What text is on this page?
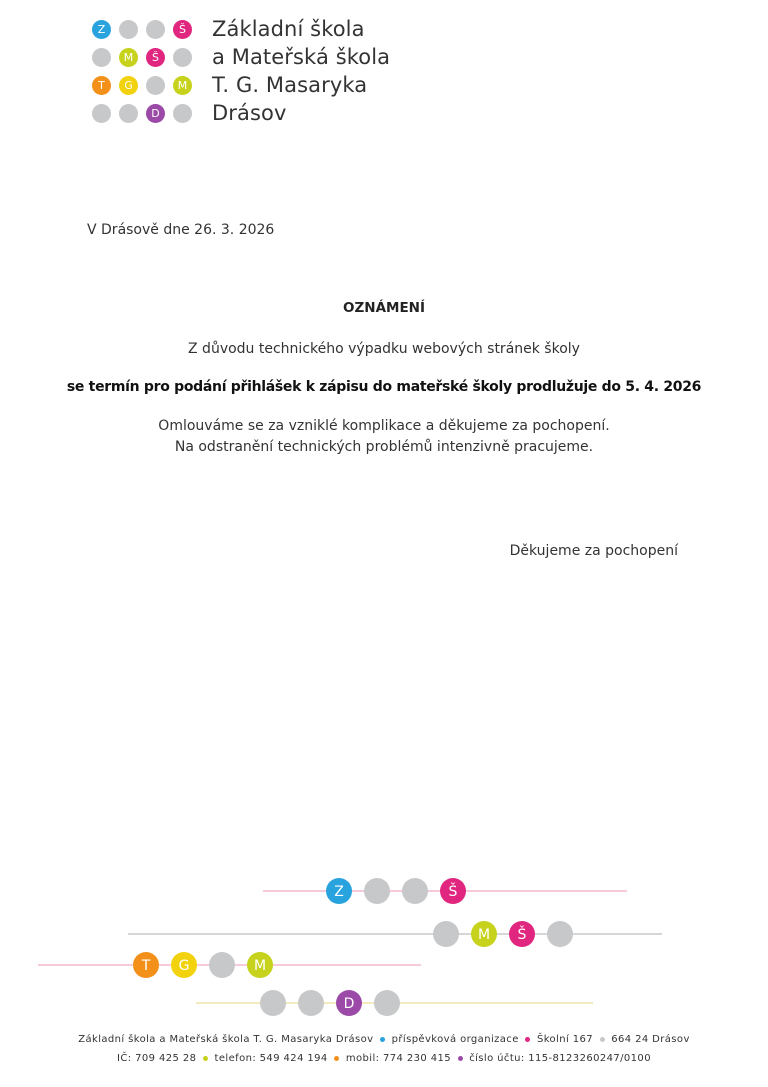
Z	Š Základní škola
M	Š	a Mateřská škola
T	G	M T. G. Masaryka
D Drásov
V Drásově dne 26. 3. 2026
OZNÁMENÍ
Z důvodu technického výpadku webových stránek školy
se termín pro podání přihlášek k zápisu do mateřské školy prodlužuje do 5. 4. 2026
Omlouváme se za vzniklé komplikace a děkujeme za pochopení.
Na odstranění technických problémů intenzivně pracujeme.
Děkujeme za pochopení
Z	Š
M Š
T G	M
D
Základní škola a Mateřská škola T. G. Masaryka Drásov příspěvková organizace Školní 167 664 24 Drásov
IČ: 709 425 28 telefon: 549 424 194 mobil: 774 230 415 číslo účtu: 115-8123260247/0100
